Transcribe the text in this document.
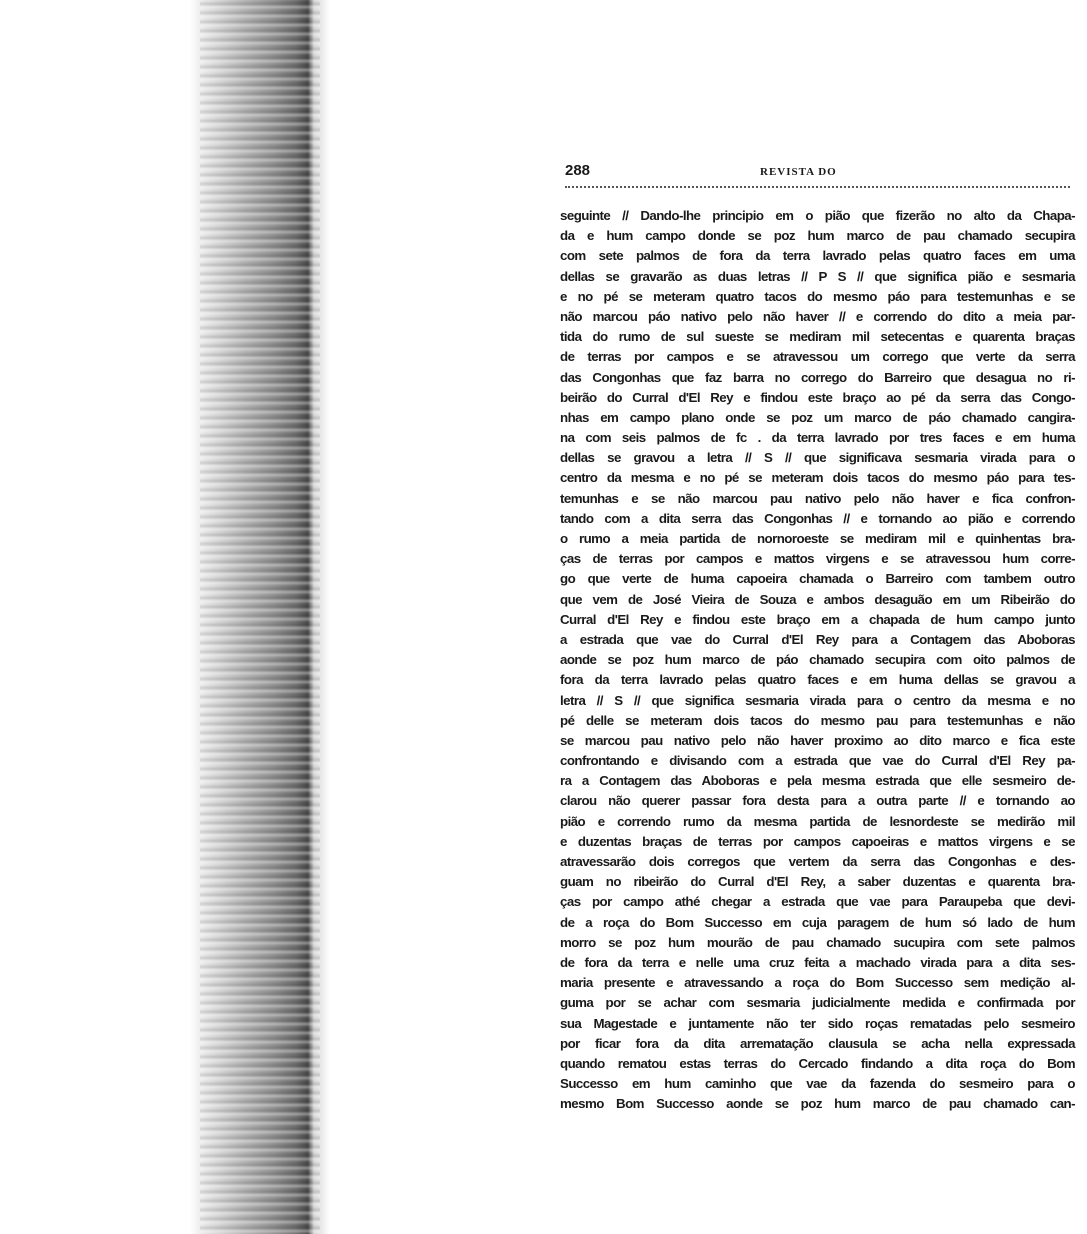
288	REVISTA DO
seguinte // Dando-lhe principio em o pião que fizerão no alto da Chapa-
da e hum campo donde se poz hum marco de pau chamado secupira
com sete palmos de fora da terra lavrado pelas quatro faces em uma
dellas se gravarão as duas letras // P S // que significa pião e sesmaria
e no pé se meteram quatro tacos do mesmo páo para testemunhas e se
não marcou páo nativo pelo não haver // e correndo do dito a meia par-
tida do rumo de sul sueste se mediram mil setecentas e quarenta braças
de terras por campos e se atravessou um corrego que verte da serra
das Congonhas que faz barra no corrego do Barreiro que desagua no ri-
beirão do Curral d'El Rey e findou este braço ao pé da serra das Congo-
nhas em campo plano onde se poz um marco de páo chamado cangira-
na com seis palmos de fc . da terra lavrado por tres faces e em huma
dellas se gravou a letra // S // que significava sesmaria virada para o
centro da mesma e no pé se meteram dois tacos do mesmo páo para tes-
temunhas e se não marcou pau nativo pelo não haver e fica confron-
tando com a dita serra das Congonhas // e tornando ao pião e correndo
o rumo a meia partida de nornoroeste se mediram mil e quinhentas bra-
ças de terras por campos e mattos virgens e se atravessou hum corre-
go que verte de huma capoeira chamada o Barreiro com tambem outro
que vem de José Vieira de Souza e ambos desaguão em um Ribeirão do
Curral d'El Rey e findou este braço em a chapada de hum campo junto
a estrada que vae do Curral d'El Rey para a Contagem das Aboboras
aonde se poz hum marco de páo chamado secupira com oito palmos de
fora da terra lavrado pelas quatro faces e em huma dellas se gravou a
letra // S // que significa sesmaria virada para o centro da mesma e no
pé delle se meteram dois tacos do mesmo pau para testemunhas e não
se marcou pau nativo pelo não haver proximo ao dito marco e fica este
confrontando e divisando com a estrada que vae do Curral d'El Rey pa-
ra a Contagem das Aboboras e pela mesma estrada que elle sesmeiro de-
clarou não querer passar fora desta para a outra parte // e tornando ao
pião e correndo rumo da mesma partida de lesnordeste se medirão mil
e duzentas braças de terras por campos capoeiras e mattos virgens e se
atravessarão dois corregos que vertem da serra das Congonhas e des-
guam no ribeirão do Curral d'El Rey, a saber duzentas e quarenta bra-
ças por campo athé chegar a estrada que vae para Paraupeba que devi-
de a roça do Bom Successo em cuja paragem de hum só lado de hum
morro se poz hum mourão de pau chamado sucupira com sete palmos
de fora da terra e nelle uma cruz feita a machado virada para a dita ses-
maria presente e atravessando a roça do Bom Successo sem medição al-
guma por se achar com sesmaria judicialmente medida e confirmada por
sua Magestade e juntamente não ter sido roças rematadas pelo sesmeiro
por ficar fora da dita arrematação clausula se acha nella expressada
quando rematou estas terras do Cercado findando a dita roça do Bom
Successo em hum caminho que vae da fazenda do sesmeiro para o
mesmo Bom Successo aonde se poz hum marco de pau chamado can-
